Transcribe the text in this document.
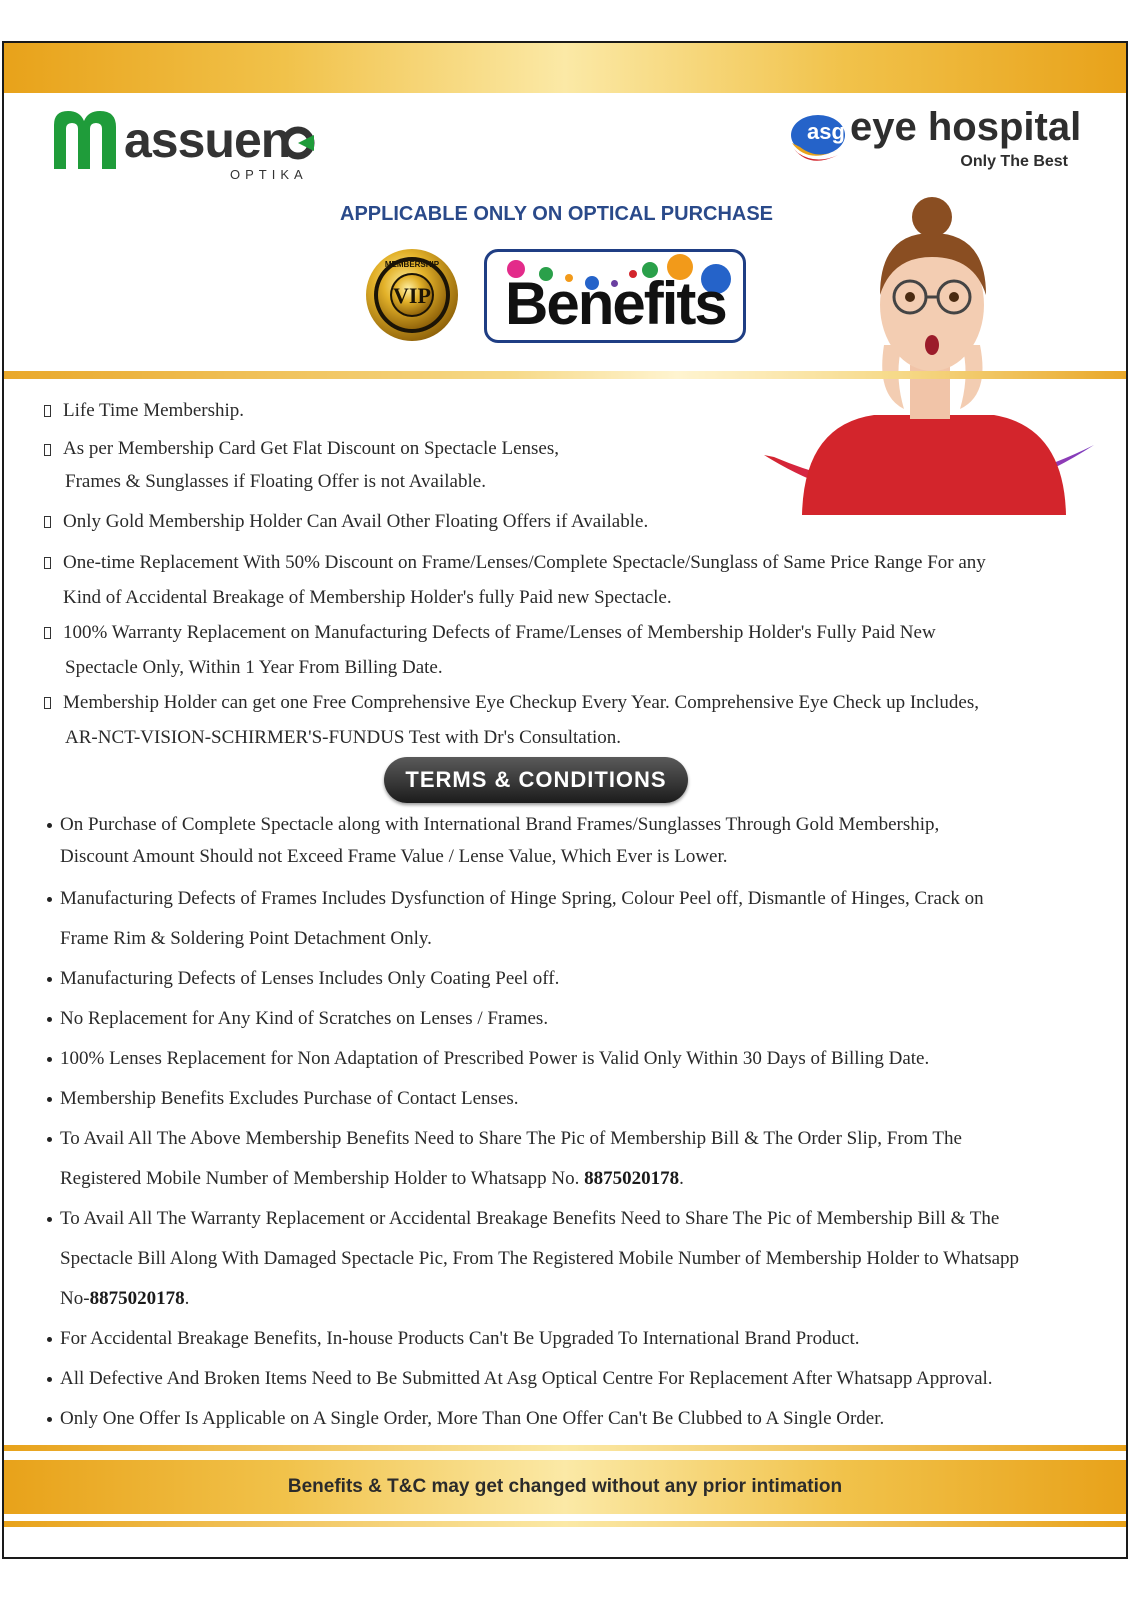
assuen
OPTIKA
asg eye hospital
Only The Best
APPLICABLE ONLY ON OPTICAL PURCHASE
VIP
MEMBERSHIP
Benefits
Life Time Membership.
As per Membership Card Get Flat Discount on Spectacle Lenses,
Frames & Sunglasses if Floating Offer is not Available.
Only Gold Membership Holder Can Avail Other Floating Offers if Available.
One-time Replacement With 50% Discount on Frame/Lenses/Complete Spectacle/Sunglass of Same Price Range For any
Kind of Accidental Breakage of Membership Holder's fully Paid new Spectacle.
100% Warranty Replacement on Manufacturing Defects of Frame/Lenses of Membership Holder's Fully Paid New
Spectacle Only, Within 1 Year From Billing Date.
Membership Holder can get one Free Comprehensive Eye Checkup Every Year. Comprehensive Eye Check up Includes,
AR-NCT-VISION-SCHIRMER'S-FUNDUS Test with Dr's Consultation.
TERMS & CONDITIONS
On Purchase of Complete Spectacle along with International Brand Frames/Sunglasses Through Gold Membership,
Discount Amount Should not Exceed Frame Value / Lense Value, Which Ever is Lower.
Manufacturing Defects of Frames Includes Dysfunction of Hinge Spring, Colour Peel off, Dismantle of Hinges, Crack on
Frame Rim & Soldering Point Detachment Only.
Manufacturing Defects of Lenses Includes Only Coating Peel off.
No Replacement for Any Kind of Scratches on Lenses / Frames.
100% Lenses Replacement for Non Adaptation of Prescribed Power is Valid Only Within 30 Days of Billing Date.
Membership Benefits Excludes Purchase of Contact Lenses.
To Avail All The Above Membership Benefits Need to Share The Pic of Membership Bill & The Order Slip, From The
Registered Mobile Number of Membership Holder to Whatsapp No. 8875020178.
To Avail All The Warranty Replacement or Accidental Breakage Benefits Need to Share The Pic of Membership Bill & The
Spectacle Bill Along With Damaged Spectacle Pic, From The Registered Mobile Number of Membership Holder to Whatsapp
No-8875020178.
For Accidental Breakage Benefits, In-house Products Can't Be Upgraded To International Brand Product.
All Defective And Broken Items Need to Be Submitted At Asg Optical Centre For Replacement After Whatsapp Approval.
Only One Offer Is Applicable on A Single Order, More Than One Offer Can't Be Clubbed to A Single Order.
Benefits & T&C may get changed without any prior intimation
